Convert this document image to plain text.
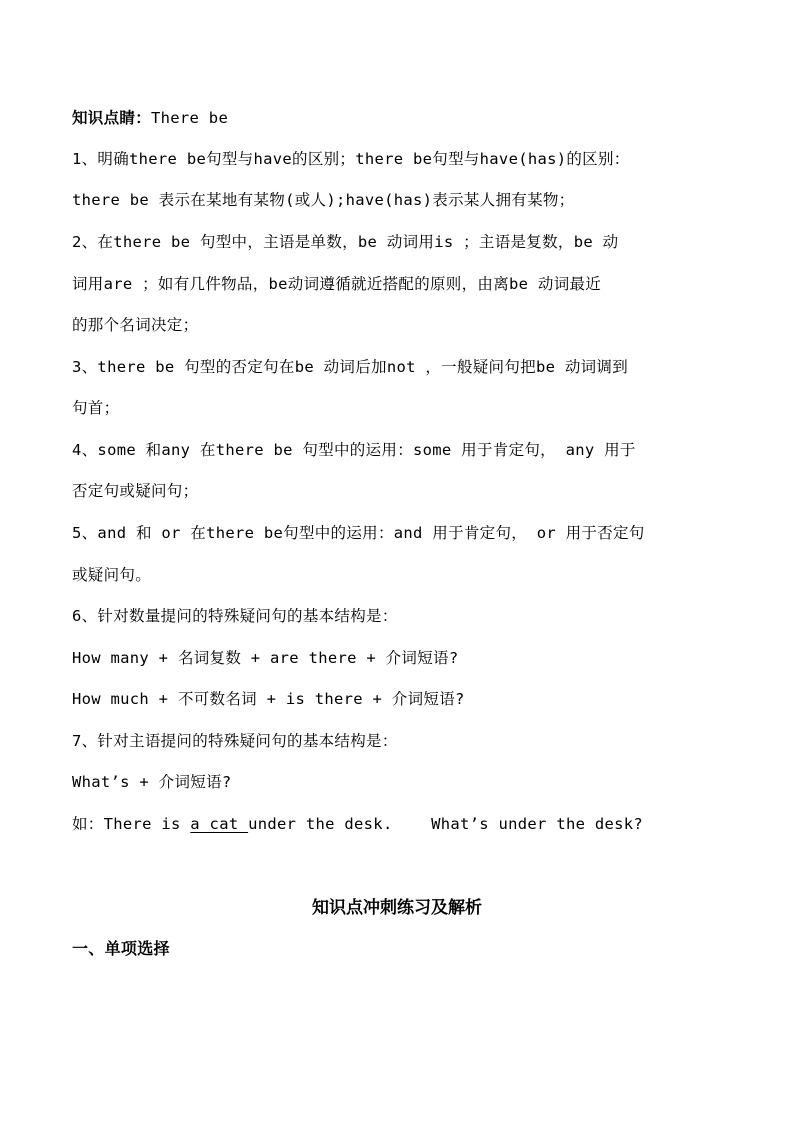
知识点睛：There be
1、明确there be句型与have的区别；there be句型与have(has)的区别：
there be 表示在某地有某物(或人);have(has)表示某人拥有某物；
2、在there be 句型中，主语是单数，be 动词用is ；主语是复数，be 动
词用are ；如有几件物品，be动词遵循就近搭配的原则，由离be 动词最近
的那个名词决定；
3、there be 句型的否定句在be 动词后加not ，一般疑问句把be 动词调到
句首；
4、some 和any 在there be 句型中的运用：some 用于肯定句， any 用于
否定句或疑问句；
5、and 和 or 在there be句型中的运用：and 用于肯定句， or 用于否定句
或疑问句。
6、针对数量提问的特殊疑问句的基本结构是：
How many + 名词复数 + are there + 介词短语?
How much + 不可数名词 + is there + 介词短语?
7、针对主语提问的特殊疑问句的基本结构是：
What’s + 介词短语?
如：There is a cat under the desk. What’s under the desk?
知识点冲刺练习及解析
一、单项选择
